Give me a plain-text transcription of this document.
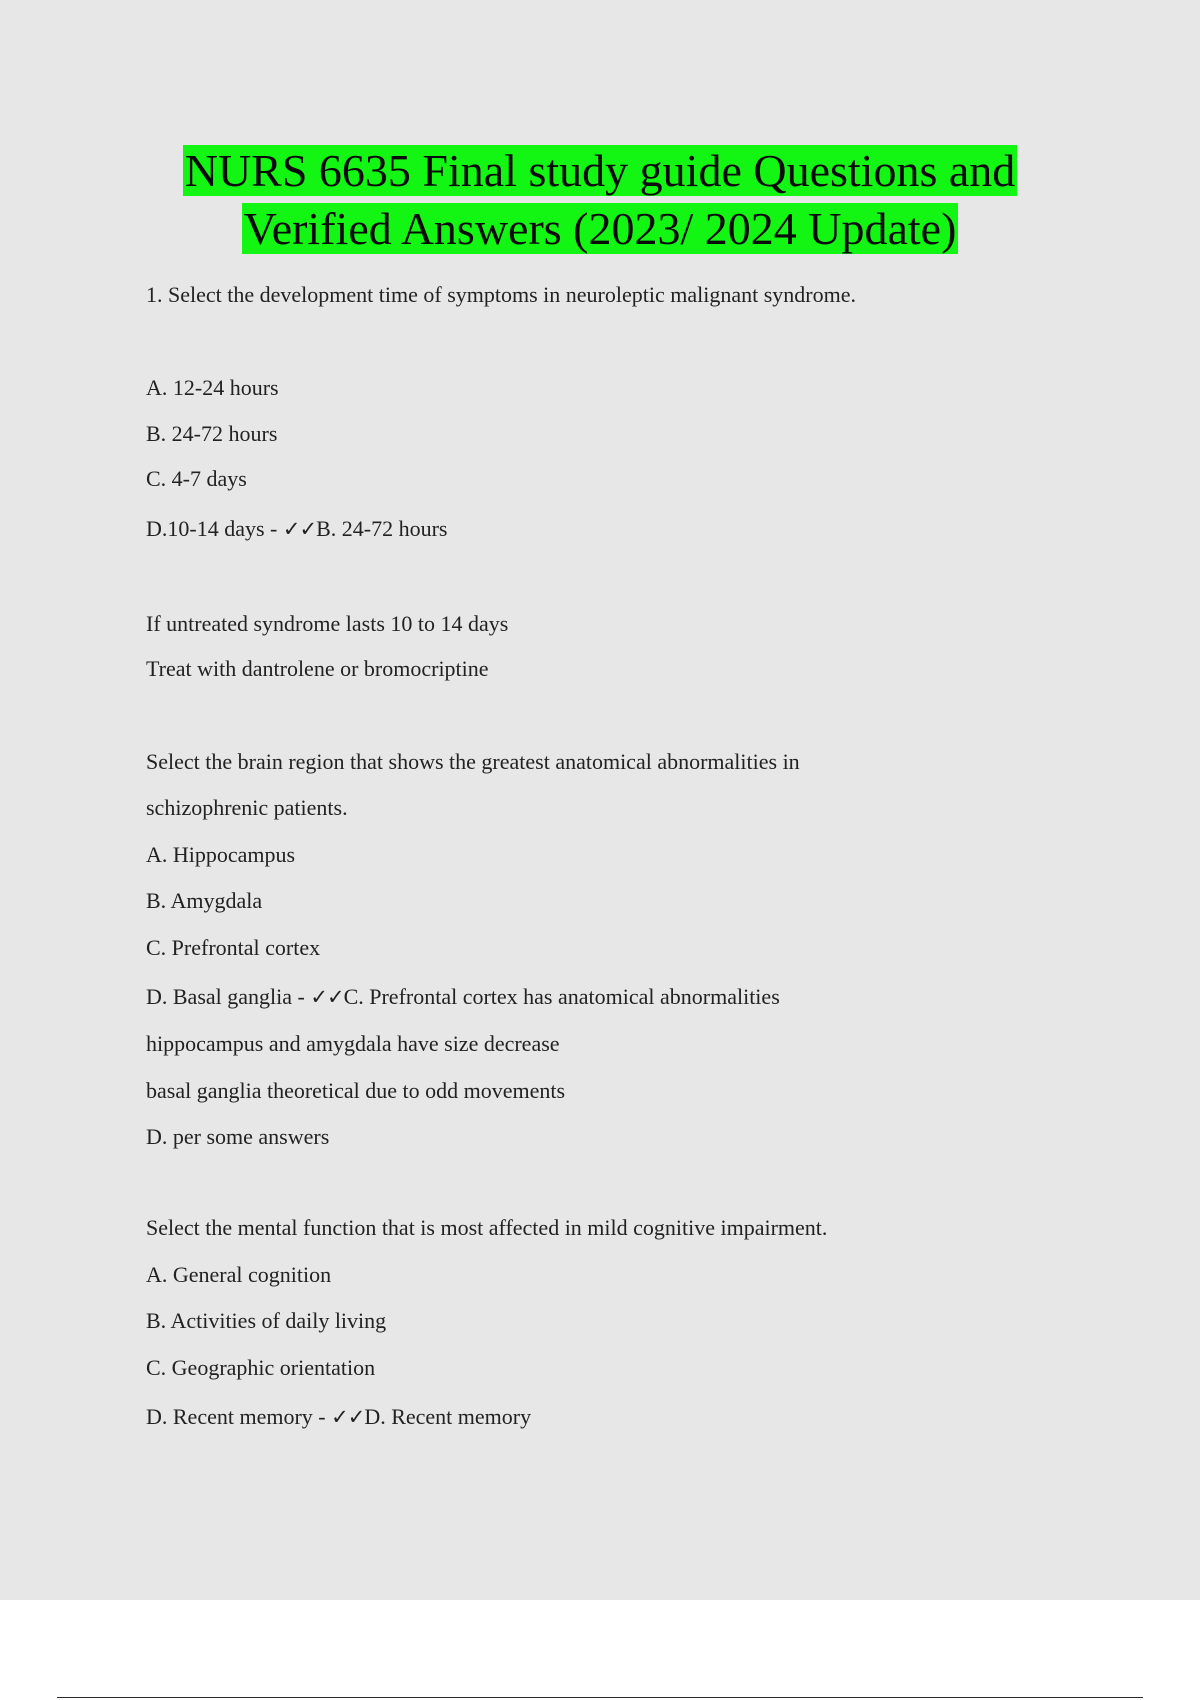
NURS 6635 Final study guide Questions and
Verified Answers (2023/ 2024 Update)
1. Select the development time of symptoms in neuroleptic malignant syndrome.
A. 12-24 hours
B. 24-72 hours
C. 4-7 days
D.10-14 days - ✓✓B. 24-72 hours
If untreated syndrome lasts 10 to 14 days
Treat with dantrolene or bromocriptine
Select the brain region that shows the greatest anatomical abnormalities in
schizophrenic patients.
A. Hippocampus
B. Amygdala
C. Prefrontal cortex
D. Basal ganglia - ✓✓C. Prefrontal cortex has anatomical abnormalities
hippocampus and amygdala have size decrease
basal ganglia theoretical due to odd movements
D. per some answers
Select the mental function that is most affected in mild cognitive impairment.
A. General cognition
B. Activities of daily living
C. Geographic orientation
D. Recent memory - ✓✓D. Recent memory
